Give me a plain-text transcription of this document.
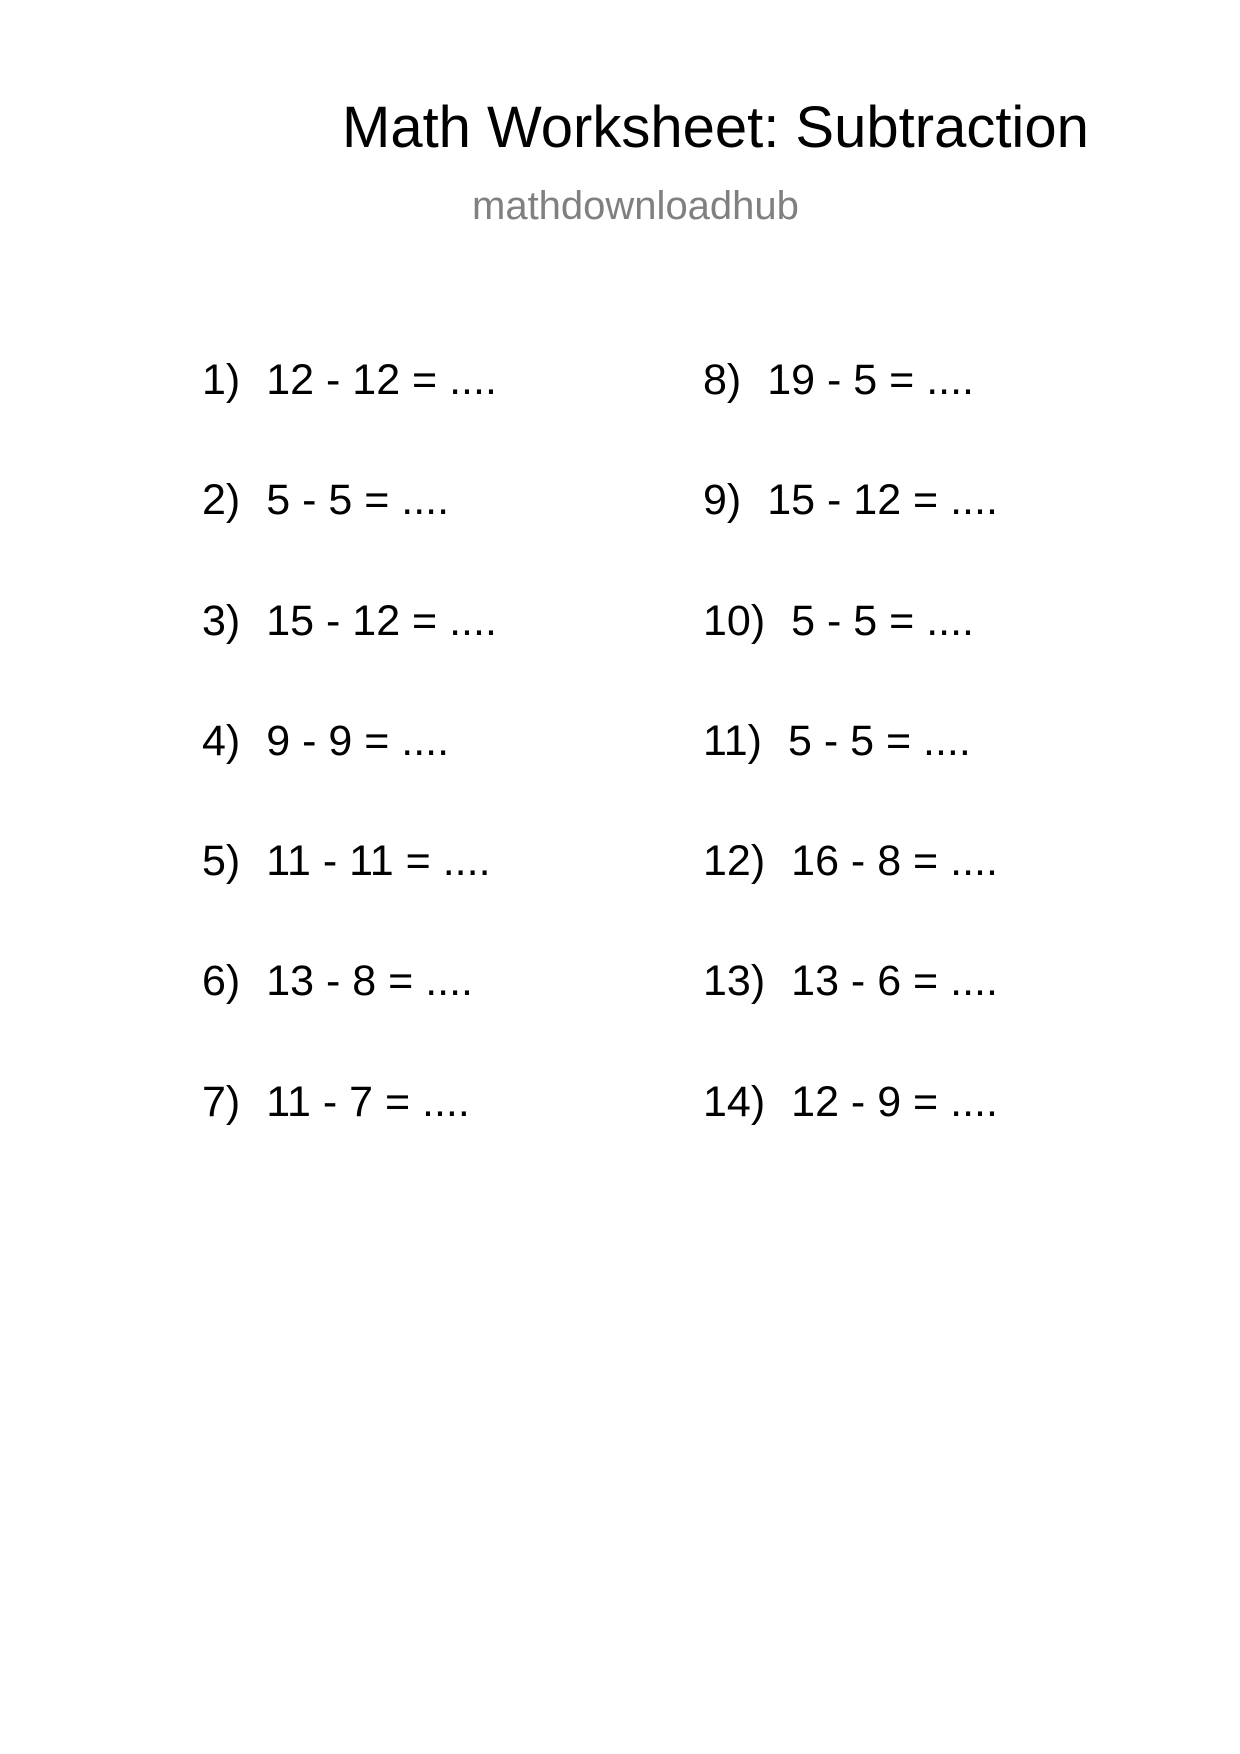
Math Worksheet: Subtraction
mathdownloadhub
1) 12 - 12 = ....
2) 5 - 5 = ....
3) 15 - 12 = ....
4) 9 - 9 = ....
5) 11 - 11 = ....
6) 13 - 8 = ....
7) 11 - 7 = ....
8) 19 - 5 = ....
9) 15 - 12 = ....
10) 5 - 5 = ....
11) 5 - 5 = ....
12) 16 - 8 = ....
13) 13 - 6 = ....
14) 12 - 9 = ....
